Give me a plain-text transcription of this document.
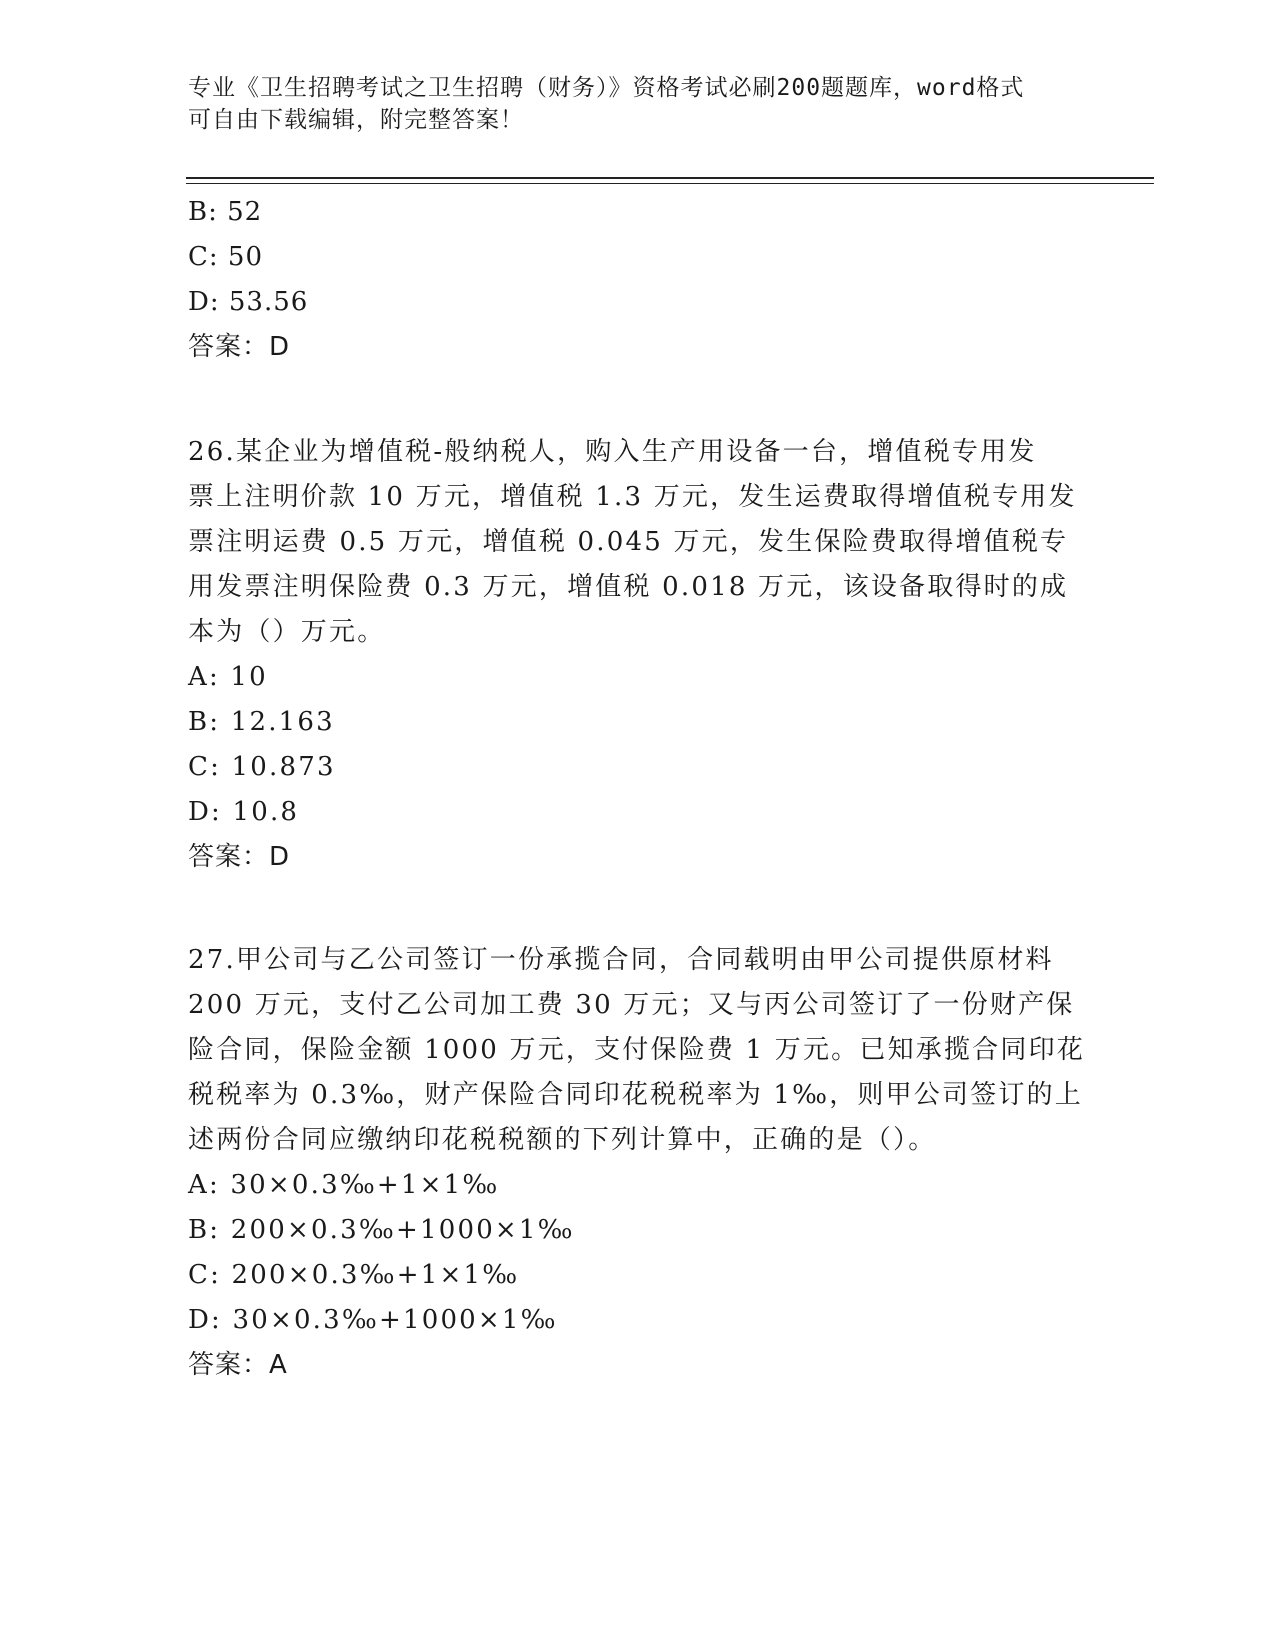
专业《卫生招聘考试之卫生招聘（财务）》资格考试必刷200题题库，word格式
可自由下载编辑，附完整答案！
B: 52
C: 50
D: 53.56
答案：D
26.某企业为增值税-般纳税人，购入生产用设备一台，增值税专用发
票上注明价款 10 万元，增值税 1.3 万元，发生运费取得增值税专用发
票注明运费 0.5 万元，增值税 0.045 万元，发生保险费取得增值税专
用发票注明保险费 0.3 万元，增值税 0.018 万元，该设备取得时的成
本为（）万元。
A: 10
B: 12.163
C: 10.873
D: 10.8
答案：D
27.甲公司与乙公司签订一份承揽合同，合同载明由甲公司提供原材料
200 万元，支付乙公司加工费 30 万元；又与丙公司签订了一份财产保
险合同，保险金额 1000 万元，支付保险费 1 万元。已知承揽合同印花
税税率为 0.3‰，财产保险合同印花税税率为 1‰，则甲公司签订的上
述两份合同应缴纳印花税税额的下列计算中，正确的是（）。
A: 30×0.3‰+1×1‰
B: 200×0.3‰+1000×1‰
C: 200×0.3‰+1×1‰
D: 30×0.3‰+1000×1‰
答案：A
